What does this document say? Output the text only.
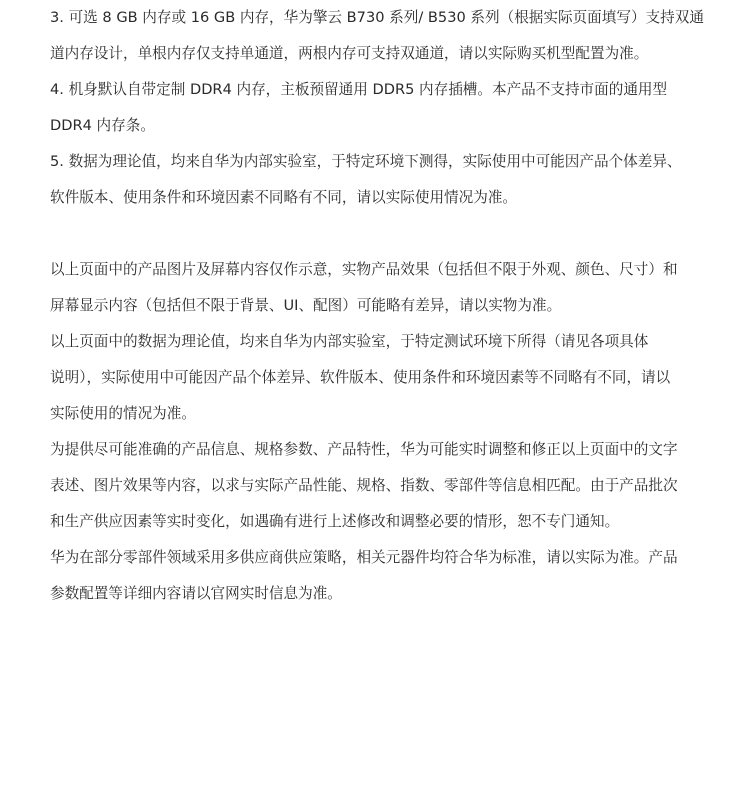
3. 可选 8 GB 内存或 16 GB 内存，华为擎云 B730 系列/ B530 系列（根据实际页面填写）支持双通
道内存设计，单根内存仅支持单通道，两根内存可支持双通道，请以实际购买机型配置为准。
4. 机身默认自带定制 DDR4 内存，主板预留通用 DDR5 内存插槽。本产品不支持市面的通用型
DDR4 内存条。
5. 数据为理论值，均来自华为内部实验室，于特定环境下测得，实际使用中可能因产品个体差异、
软件版本、使用条件和环境因素不同略有不同，请以实际使用情况为准。
以上页面中的产品图片及屏幕内容仅作示意，实物产品效果（包括但不限于外观、颜色、尺寸）和
屏幕显示内容（包括但不限于背景、UI、配图）可能略有差异，请以实物为准。
以上页面中的数据为理论值，均来自华为内部实验室，于特定测试环境下所得（请见各项具体
说明），实际使用中可能因产品个体差异、软件版本、使用条件和环境因素等不同略有不同，请以
实际使用的情况为准。
为提供尽可能准确的产品信息、规格参数、产品特性，华为可能实时调整和修正以上页面中的文字
表述、图片效果等内容，以求与实际产品性能、规格、指数、零部件等信息相匹配。由于产品批次
和生产供应因素等实时变化，如遇确有进行上述修改和调整必要的情形，恕不专门通知。
华为在部分零部件领域采用多供应商供应策略，相关元器件均符合华为标准，请以实际为准。产品
参数配置等详细内容请以官网实时信息为准。
